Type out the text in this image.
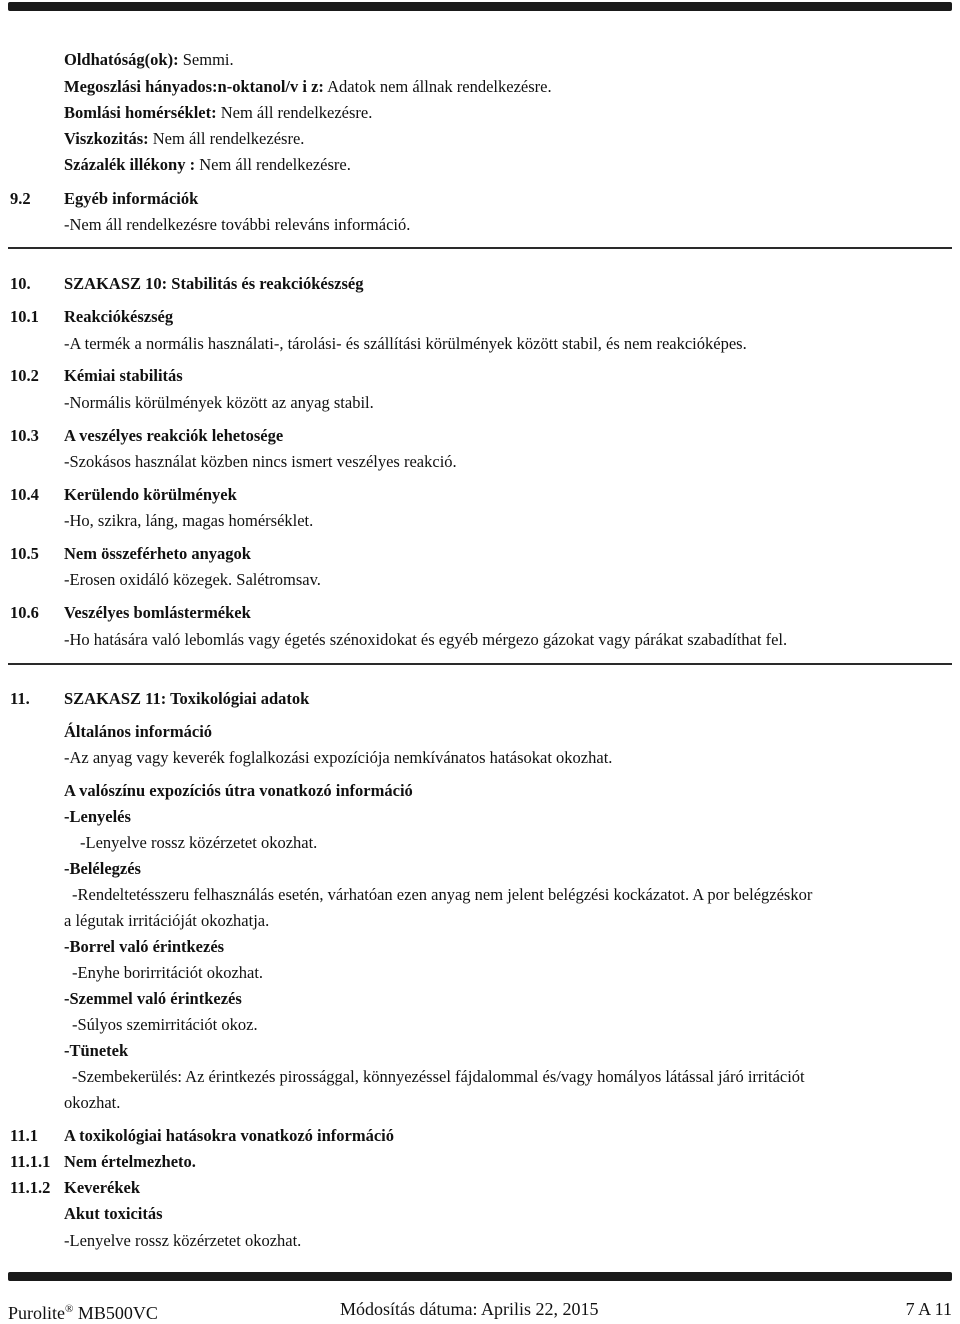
Oldhatóság(ok): Semmi.
Megoszlási hányados:n-oktanol/v i z: Adatok nem állnak rendelkezésre.
Bomlási homérséklet: Nem áll rendelkezésre.
Viszkozitás: Nem áll rendelkezésre.
Százalék illékony : Nem áll rendelkezésre.
9.2 Egyéb információk
-Nem áll rendelkezésre további releváns információ.
10. SZAKASZ 10: Stabilitás és reakciókészség
10.1 Reakciókészség
-A termék a normális használati-, tárolási- és szállítási körülmények között stabil, és nem reakcióképes.
10.2 Kémiai stabilitás
-Normális körülmények között az anyag stabil.
10.3 A veszélyes reakciók lehetosége
-Szokásos használat közben nincs ismert veszélyes reakció.
10.4 Kerülendo körülmények
-Ho, szikra, láng, magas homérséklet.
10.5 Nem összeférheto anyagok
-Erosen oxidáló közegek. Salétromsav.
10.6 Veszélyes bomlástermékek
-Ho hatására való lebomlás vagy égetés szénoxidokat és egyéb mérgezo gázokat vagy párákat szabadíthat fel.
11. SZAKASZ 11: Toxikológiai adatok
Általános információ
-Az anyag vagy keverék foglalkozási expozíciója nemkívánatos hatásokat okozhat.
A valószínu expozíciós útra vonatkozó információ
-Lenyelés
-Lenyelve rossz közérzetet okozhat.
-Belélegzés
-Rendeltetésszeru felhasználás esetén, várhatóan ezen anyag nem jelent belégzési kockázatot. A por belégzéskor
a légutak irritációját okozhatja.
-Borrel való érintkezés
-Enyhe borirritációt okozhat.
-Szemmel való érintkezés
-Súlyos szemirritációt okoz.
-Tünetek
-Szembekerülés: Az érintkezés pirossággal, könnyezéssel fájdalommal és/vagy homályos látással járó irritációt
okozhat.
11.1 A toxikológiai hatásokra vonatkozó információ
11.1.1 Nem értelmezheto.
11.1.2 Keverékek
Akut toxicitás
-Lenyelve rossz közérzetet okozhat.
Purolite® MB500VC	Módosítás dátuma: Aprilis 22, 2015	7 A 11
